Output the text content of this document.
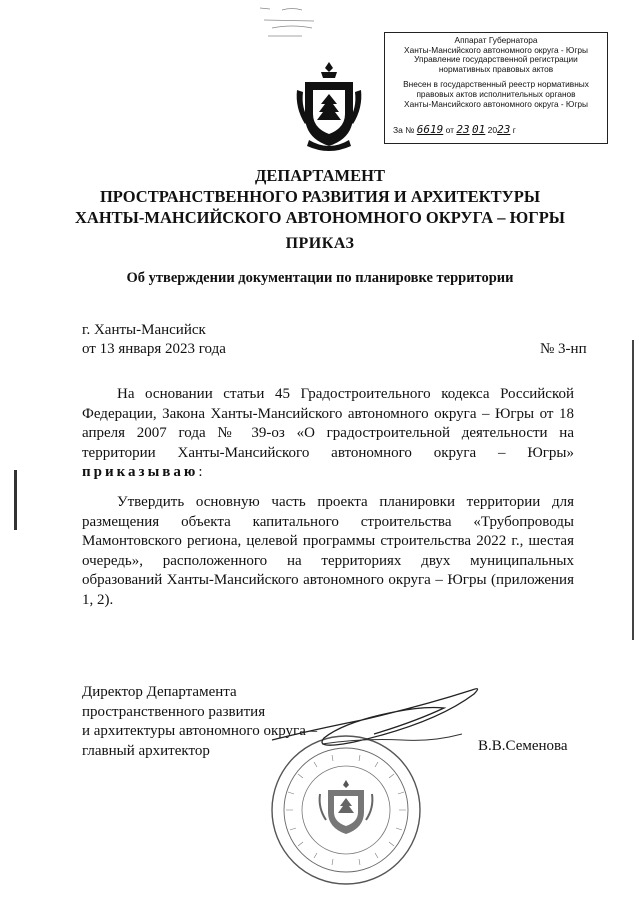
Аппарат Губернатора
Ханты-Мансийского автономного округа - Югры
Управление государственной регистрации
нормативных правовых актов
Внесен в государственный реестр нормативных
правовых актов исполнительных органов
Ханты-Мансийского автономного округа - Югры
За № 6619 от 23 01 2023 г
ДЕПАРТАМЕНТ
ПРОСТРАНСТВЕННОГО РАЗВИТИЯ И АРХИТЕКТУРЫ
ХАНТЫ-МАНСИЙСКОГО АВТОНОМНОГО ОКРУГА – ЮГРЫ
ПРИКАЗ
Об утверждении документации по планировке территории
г. Ханты-Мансийск
от 13 января 2023 года	№ 3-нп
На основании статьи 45 Градостроительного кодекса Российской Федерации, Закона Ханты-Мансийского автономного округа – Югры от 18 апреля 2007 года № 39-оз «О градостроительной деятельности на территории Ханты-Мансийского автономного округа – Югры» приказываю:
Утвердить основную часть проекта планировки территории для размещения объекта капитального строительства «Трубопроводы Мамонтовского региона, целевой программы строительства 2022 г., шестая очередь», расположенного на территориях двух муниципальных образований Ханты-Мансийского автономного округа – Югры (приложения 1, 2).
Директор Департамента
пространственного развития
и архитектуры автономного округа –
главный архитектор	В.В.Семенова
